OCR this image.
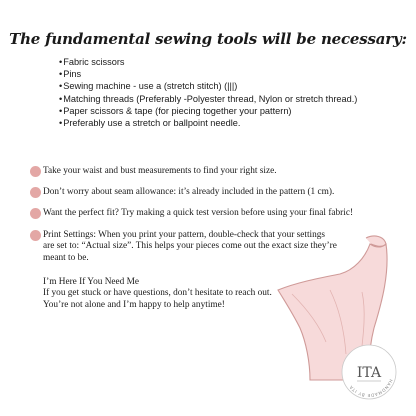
The fundamental sewing tools will be necessary:
• Fabric scissors
• Pins
• Sewing machine - use a (stretch stitch) (|||)
• Matching threads (Preferably -Polyester thread, Nylon or stretch thread.)
• Paper scissors & tape (for piecing together your pattern)
• Preferably use a stretch or ballpoint needle.
Take your waist and bust measurements to find your right size.
Don’t worry about seam allowance: it’s already included in the pattern (1 cm).
Want the perfect fit? Try making a quick test version before using your final fabric!
Print Settings: When you print your pattern, double-check that your settings are set to: “Actual size”. This helps your pieces come out the exact size they’re meant to be.
I’m Here If You Need Me
If you get stuck or have questions, don’t hesitate to reach out.
You’re not alone and I’m happy to help anytime!
HANDMADE BY ITA
ITA
